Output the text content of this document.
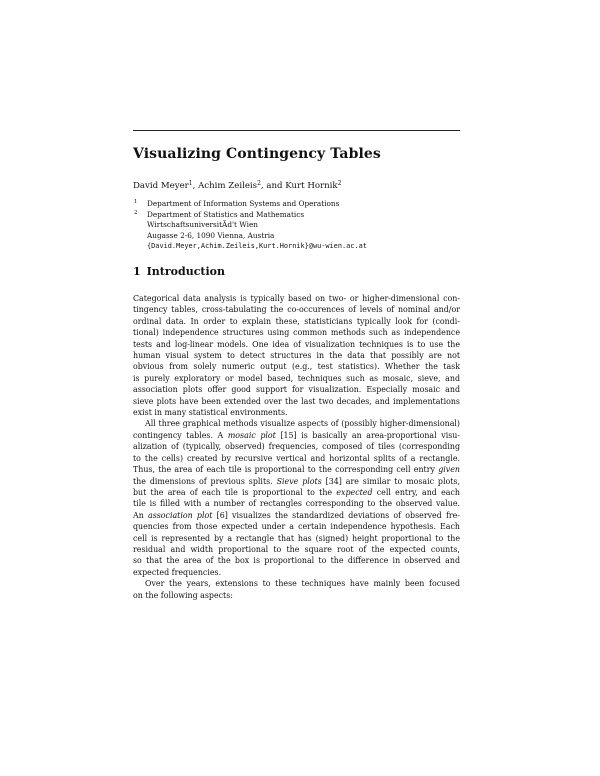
Visualizing Contingency Tables
David Meyer$^1$, Achim Zeileis$^2$, and Kurt Hornik$^2$
1 Department of Information Systems and Operations
2 Department of Statistics and Mathematics
WirtschaftsuniversitÃd't Wien
Augasse 2-6, 1090 Vienna, Austria
{David.Meyer,Achim.Zeileis,Kurt.Hornik}@wu-wien.ac.at
1 Introduction

Categorical data analysis is typically based on two- or higher-dimensional con-
tingency tables, cross-tabulating the co-occurences of levels of nominal and/or
ordinal data. In order to explain these, statisticians typically look for (condi-
tional) independence structures using common methods such as independence
tests and log-linear models. One idea of visualization techniques is to use the
human visual system to detect structures in the data that possibly are not
obvious from solely numeric output (e.g., test statistics). Whether the task
is purely exploratory or model based, techniques such as mosaic, sieve, and
association plots offer good support for visualization. Especially mosaic and
sieve plots have been extended over the last two decades, and implementations
exist in many statistical environments.

All three graphical methods visualize aspects of (possibly higher-dimensional)
contingency tables. A mosaic plot [15] is basically an area-proportional visu-
alization of (typically, observed) frequencies, composed of tiles (corresponding
to the cells) created by recursive vertical and horizontal splits of a rectangle.
Thus, the area of each tile is proportional to the corresponding cell entry given
the dimensions of previous splits. Sieve plots [34] are similar to mosaic plots,
but the area of each tile is proportional to the expected cell entry, and each
tile is filled with a number of rectangles corresponding to the observed value.
An association plot [6] visualizes the standardized deviations of observed fre-
quencies from those expected under a certain independence hypothesis. Each
cell is represented by a rectangle that has (signed) height proportional to the
residual and width proportional to the square root of the expected counts,
so that the area of the box is proportional to the difference in observed and
expected frequencies.

Over the years, extensions to these techniques have mainly been focused
on the following aspects:
